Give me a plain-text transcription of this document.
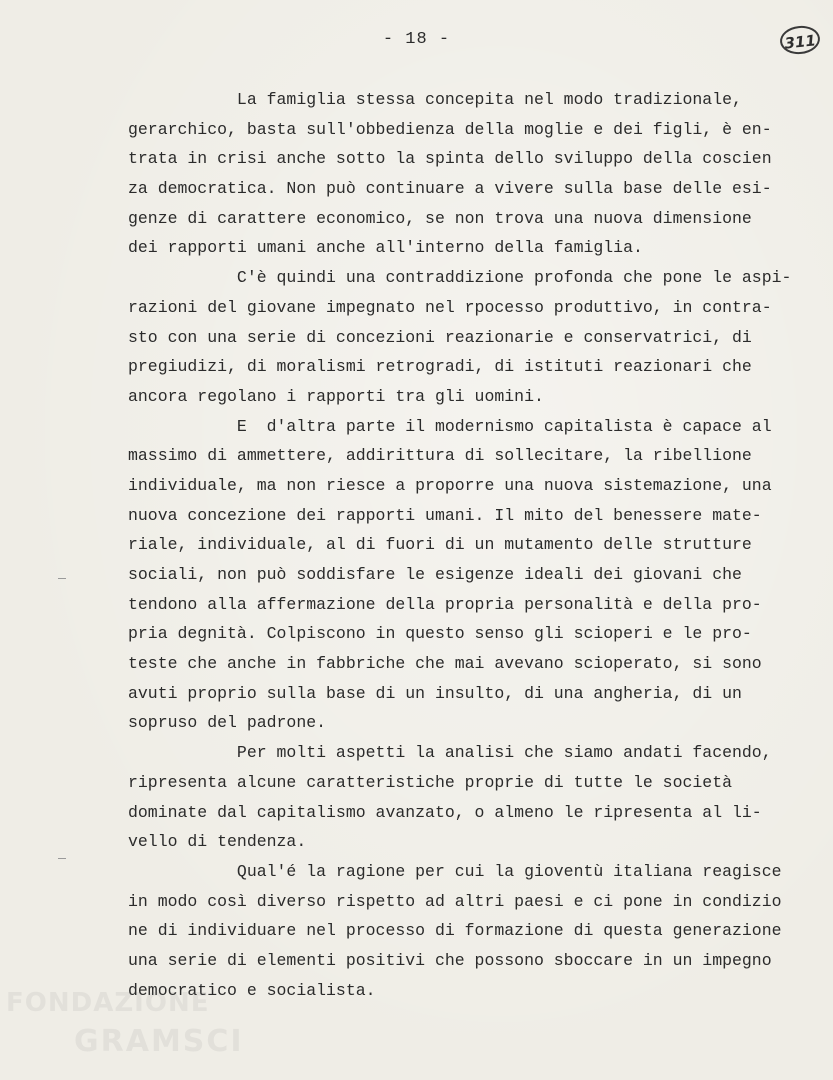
- 18 -	311
La famiglia stessa concepita nel modo tradizionale,
gerarchico, basta sull'obbedienza della moglie e dei figli, è en-
trata in crisi anche sotto la spinta dello sviluppo della coscien
za democratica. Non può continuare a vivere sulla base delle esi-
genze di carattere economico, se non trova una nuova dimensione
dei rapporti umani anche all'interno della famiglia.
C'è quindi una contraddizione profonda che pone le aspi-
razioni del giovane impegnato nel rpocesso produttivo, in contra-
sto con una serie di concezioni reazionarie e conservatrici, di
pregiudizi, di moralismi retrogradi, di istituti reazionari che
ancora regolano i rapporti tra gli uomini.
E  d'altra parte il modernismo capitalista è capace al
massimo di ammettere, addirittura di sollecitare, la ribellione
individuale, ma non riesce a proporre una nuova sistemazione, una
nuova concezione dei rapporti umani. Il mito del benessere mate-
riale, individuale, al di fuori di un mutamento delle strutture
sociali, non può soddisfare le esigenze ideali dei giovani che
tendono alla affermazione della propria personalità e della pro-
pria degnità. Colpiscono in questo senso gli scioperi e le pro-
teste che anche in fabbriche che mai avevano scioperato, si sono
avuti proprio sulla base di un insulto, di una angheria, di un
sopruso del padrone.
Per molti aspetti la analisi che siamo andati facendo,
ripresenta alcune caratteristiche proprie di tutte le società
dominate dal capitalismo avanzato, o almeno le ripresenta al li-
vello di tendenza.
Qual'é la ragione per cui la gioventù italiana reagisce
in modo così diverso rispetto ad altri paesi e ci pone in condizio
ne di individuare nel processo di formazione di questa generazione
una serie di elementi positivi che possono sboccare in un impegno
democratico e socialista.
FONDAZIONE
GRAMSCI
